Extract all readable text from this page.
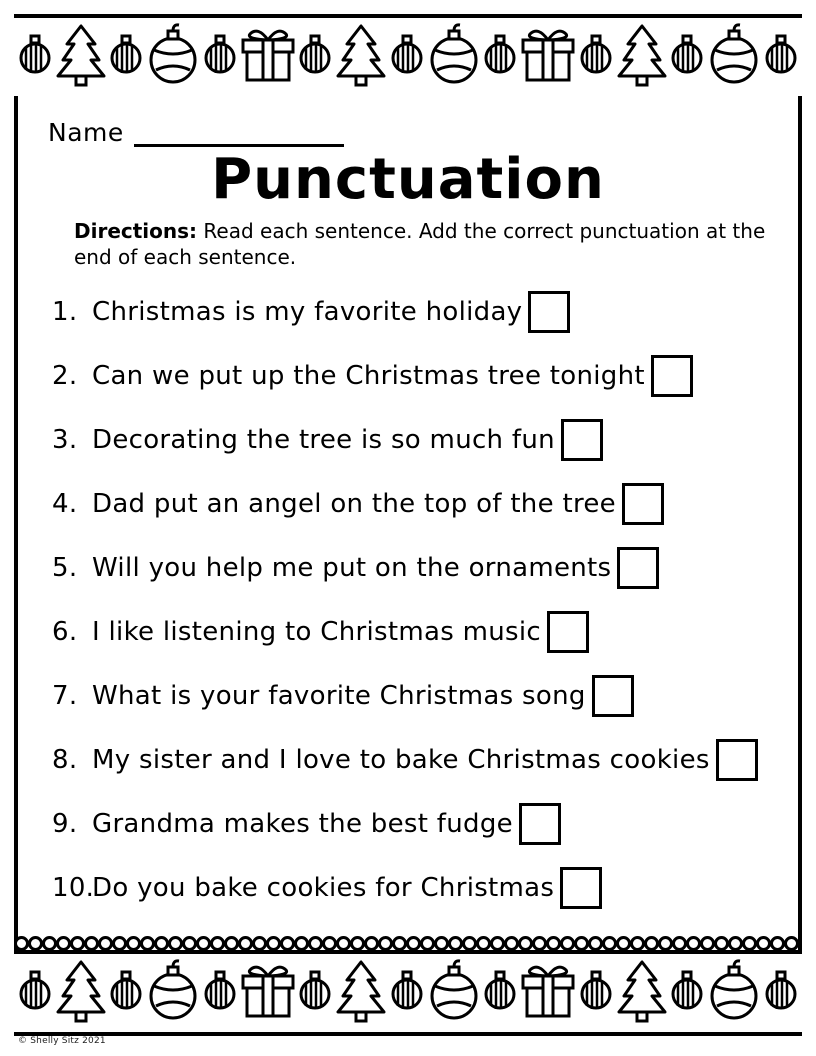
Name
Punctuation
Directions: Read each sentence. Add the correct punctuation at the end of each sentence.
1. Christmas is my favorite holiday
2. Can we put up the Christmas tree tonight
3. Decorating the tree is so much fun
4. Dad put an angel on the top of the tree
5. Will you help me put on the ornaments
6. I like listening to Christmas music
7. What is your favorite Christmas song
8. My sister and I love to bake Christmas cookies
9. Grandma makes the best fudge
10.
Do you bake cookies for Christmas
© Shelly Sitz 2021
